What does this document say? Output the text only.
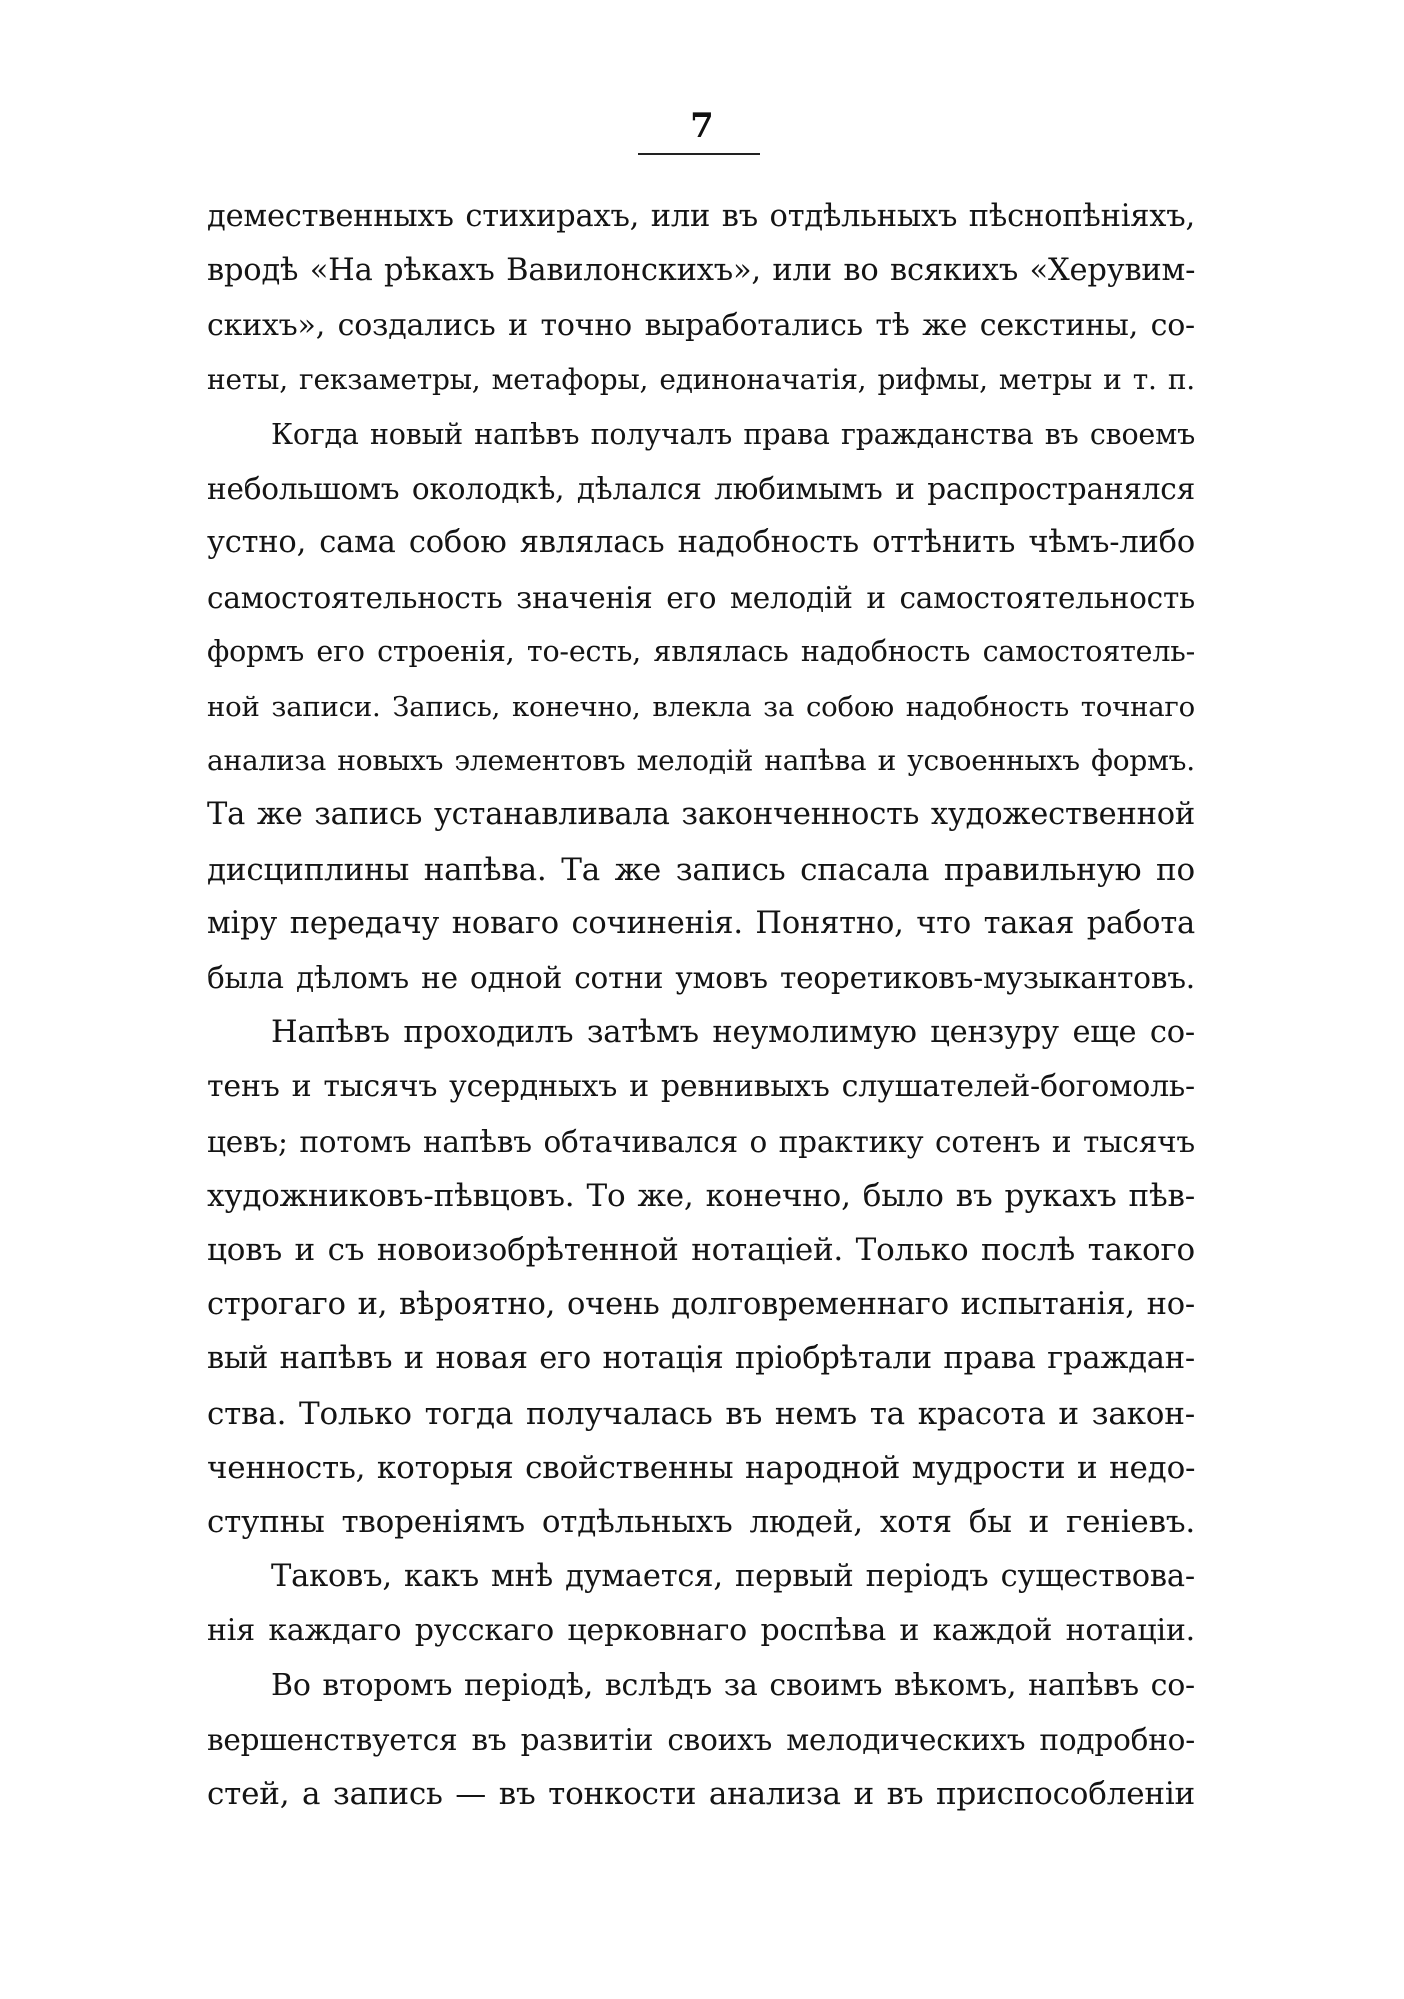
7
демественныхъ стихирахъ, или въ отдѣльныхъ пѣснопѣніяхъ,
вродѣ «На рѣкахъ Вавилонскихъ», или во всякихъ «Херувим-
скихъ», создались и точно выработались тѣ же секстины, со-
неты, гекзаметры, метафоры, единоначатія, рифмы, метры и т. п.
Когда новый напѣвъ получалъ права гражданства въ своемъ
небольшомъ околодкѣ, дѣлался любимымъ и распространялся
устно, сама собою являлась надобность оттѣнить чѣмъ-либо
самостоятельность значенія его мелодій и самостоятельность
формъ его строенія, то-есть, являлась надобность самостоятель-
ной записи. Запись, конечно, влекла за собою надобность точнаго
анализа новыхъ элементовъ мелодій напѣва и усвоенныхъ формъ.
Та же запись устанавливала законченность художественной
дисциплины напѣва. Та же запись спасала правильную по
міру передачу новаго сочиненія. Понятно, что такая работа
была дѣломъ не одной сотни умовъ теоретиковъ-музыкантовъ.
Напѣвъ проходилъ затѣмъ неумолимую цензуру еще со-
тенъ и тысячъ усердныхъ и ревнивыхъ слушателей-богомоль-
цевъ; потомъ напѣвъ обтачивался о практику сотенъ и тысячъ
художниковъ-пѣвцовъ. То же, конечно, было въ рукахъ пѣв-
цовъ и съ новоизобрѣтенной нотаціей. Только послѣ такого
строгаго и, вѣроятно, очень долговременнаго испытанія, но-
вый напѣвъ и новая его нотація пріобрѣтали права граждан-
ства. Только тогда получалась въ немъ та красота и закон-
ченность, которыя свойственны народной мудрости и недо-
ступны твореніямъ отдѣльныхъ людей, хотя бы и геніевъ.
Таковъ, какъ мнѣ думается, первый періодъ существова-
нія каждаго русскаго церковнаго роспѣва и каждой нотаціи.
Во второмъ періодѣ, вслѣдъ за своимъ вѣкомъ, напѣвъ со-
вершенствуется въ развитіи своихъ мелодическихъ подробно-
стей, а запись — въ тонкости анализа и въ приспособленіи
